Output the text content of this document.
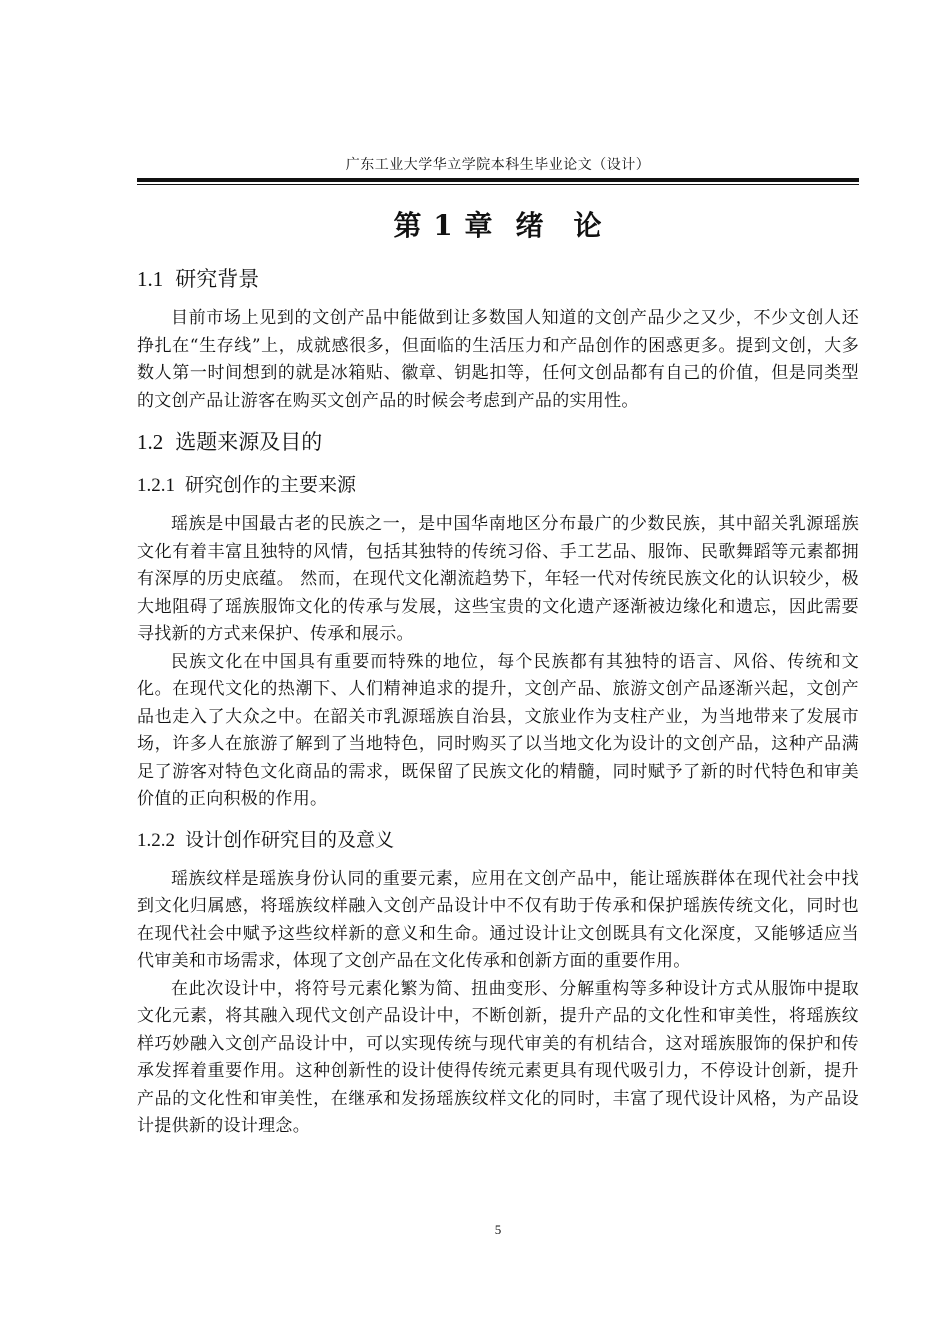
广东工业大学华立学院本科生毕业论文（设计）
第 1 章 绪　论
1.1 研究背景

目前市场上见到的文创产品中能做到让多数国人知道的文创产品少之又少，不少文创人还挣扎在“生存线”上，成就感很多，但面临的生活压力和产品创作的困惑更多。提到文创，大多数人第一时间想到的就是冰箱贴、徽章、钥匙扣等，任何文创品都有自己的价值，但是同类型的文创产品让游客在购买文创产品的时候会考虑到产品的实用性。

1.2 选题来源及目的
1.2.1 研究创作的主要来源

瑶族是中国最古老的民族之一，是中国华南地区分布最广的少数民族，其中韶关乳源瑶族文化有着丰富且独特的风情，包括其独特的传统习俗、手工艺品、服饰、民歌舞蹈等元素都拥有深厚的历史底蕴。 然而，在现代文化潮流趋势下，年轻一代对传统民族文化的认识较少，极大地阻碍了瑶族服饰文化的传承与发展，这些宝贵的文化遗产逐渐被边缘化和遗忘，因此需要寻找新的方式来保护、传承和展示。

民族文化在中国具有重要而特殊的地位，每个民族都有其独特的语言、风俗、传统和文化。在现代文化的热潮下、人们精神追求的提升，文创产品、旅游文创产品逐渐兴起，文创产品也走入了大众之中。在韶关市乳源瑶族自治县，文旅业作为支柱产业，为当地带来了发展市场，许多人在旅游了解到了当地特色，同时购买了以当地文化为设计的文创产品，这种产品满足了游客对特色文化商品的需求，既保留了民族文化的精髓，同时赋予了新的时代特色和审美价值的正向积极的作用。

1.2.2 设计创作研究目的及意义

瑶族纹样是瑶族身份认同的重要元素，应用在文创产品中，能让瑶族群体在现代社会中找到文化归属感，将瑶族纹样融入文创产品设计中不仅有助于传承和保护瑶族传统文化，同时也在现代社会中赋予这些纹样新的意义和生命。通过设计让文创既具有文化深度，又能够适应当代审美和市场需求，体现了文创产品在文化传承和创新方面的重要作用。

在此次设计中，将符号元素化繁为简、扭曲变形、分解重构等多种设计方式从服饰中提取文化元素，将其融入现代文创产品设计中，不断创新，提升产品的文化性和审美性，将瑶族纹样巧妙融入文创产品设计中，可以实现传统与现代审美的有机结合，这对瑶族服饰的保护和传承发挥着重要作用。这种创新性的设计使得传统元素更具有现代吸引力，不停设计创新，提升产品的文化性和审美性，在继承和发扬瑶族纹样文化的同时，丰富了现代设计风格，为产品设计提供新的设计理念。

5
